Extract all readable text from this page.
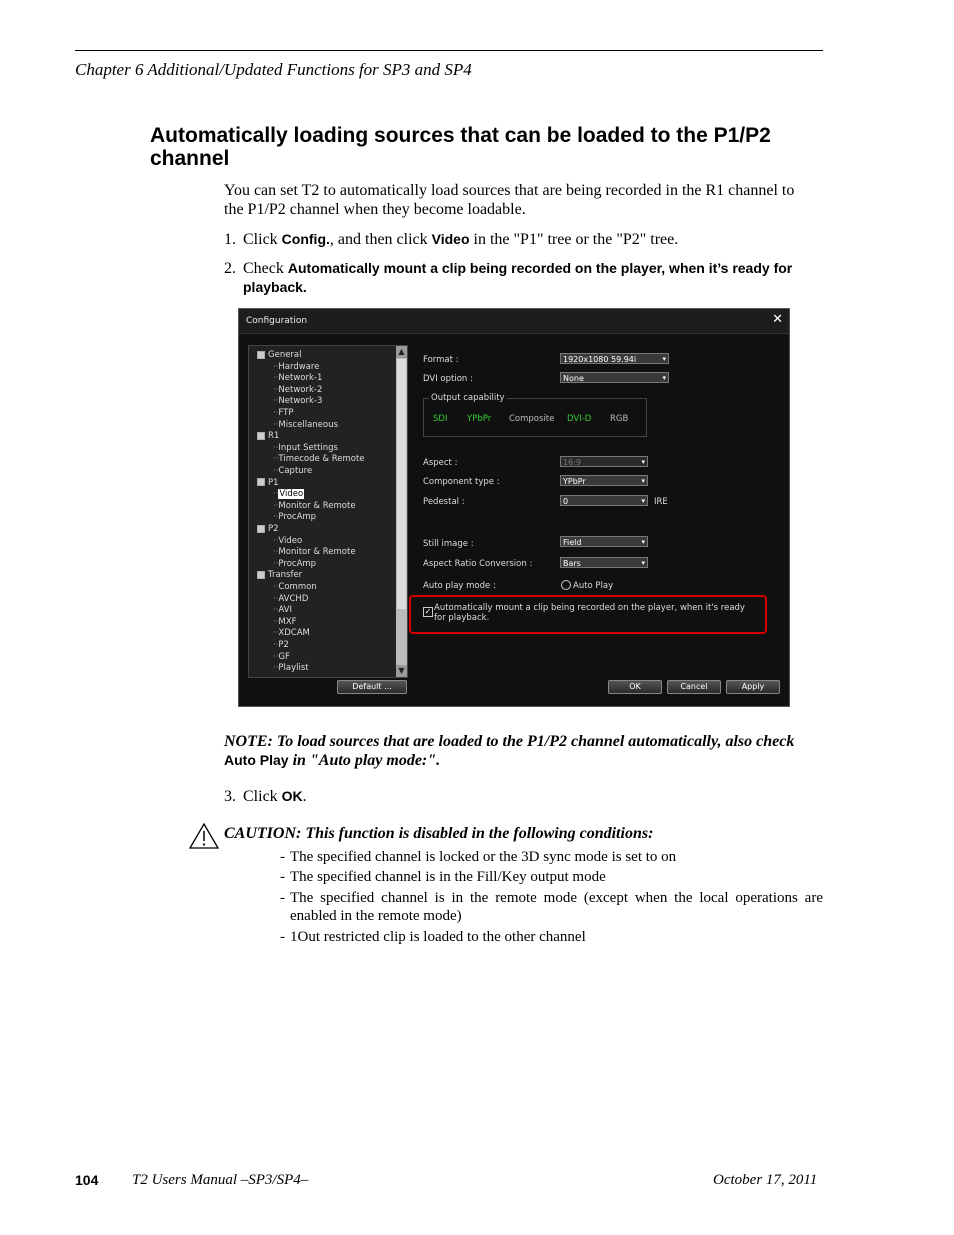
Chapter 6 Additional/Updated Functions for SP3 and SP4
Automatically loading sources that can be loaded to the P1/P2 channel
You can set T2 to automatically load sources that are being recorded in the R1 channel to the P1/P2 channel when they become loadable.
1. Click Config., and then click Video in the "P1" tree or the "P2" tree.
2. Check Automatically mount a clip being recorded on the player, when it’s ready for playback.
Configuration	✕
▲
▼
General
··Hardware
··Network-1
··Network-2
··Network-3
··FTP
··Miscellaneous
R1
··Input Settings
··Timecode & Remote
··Capture
P1
··Video
··Monitor & Remote
··ProcAmp
P2
··Video
··Monitor & Remote
··ProcAmp
Transfer
··Common
··AVCHD
··AVI
··MXF
··XDCAM
··P2
··GF
··Playlist
Format :	1920x1080 59.94i	▾
DVI option :	None	▾
Output capability
SDI YPbPr Composite DVI-D RGB
Aspect :	16:9	▾
Component type :	YPbPr	▾
Pedestal :	0	▾ IRE
Still image :	Field	▾
Aspect Ratio Conversion :	Bars	▾
Auto play mode :	Auto Play
✓ Automatically mount a clip being recorded on the player, when it's ready for playback.
Default ...	OK	Cancel	Apply
NOTE: To load sources that are loaded to the P1/P2 channel automatically, also check Auto Play in "Auto play mode:".
3. Click OK.
CAUTION: This function is disabled in the following conditions:
- The specified channel is locked or the 3D sync mode is set to on
- The specified channel is in the Fill/Key output mode
- The specified channel is in the remote mode (except when the local operations are enabled in the remote mode)
- 1Out restricted clip is loaded to the other channel
104 T2 Users Manual –SP3/SP4–	October 17, 2011
